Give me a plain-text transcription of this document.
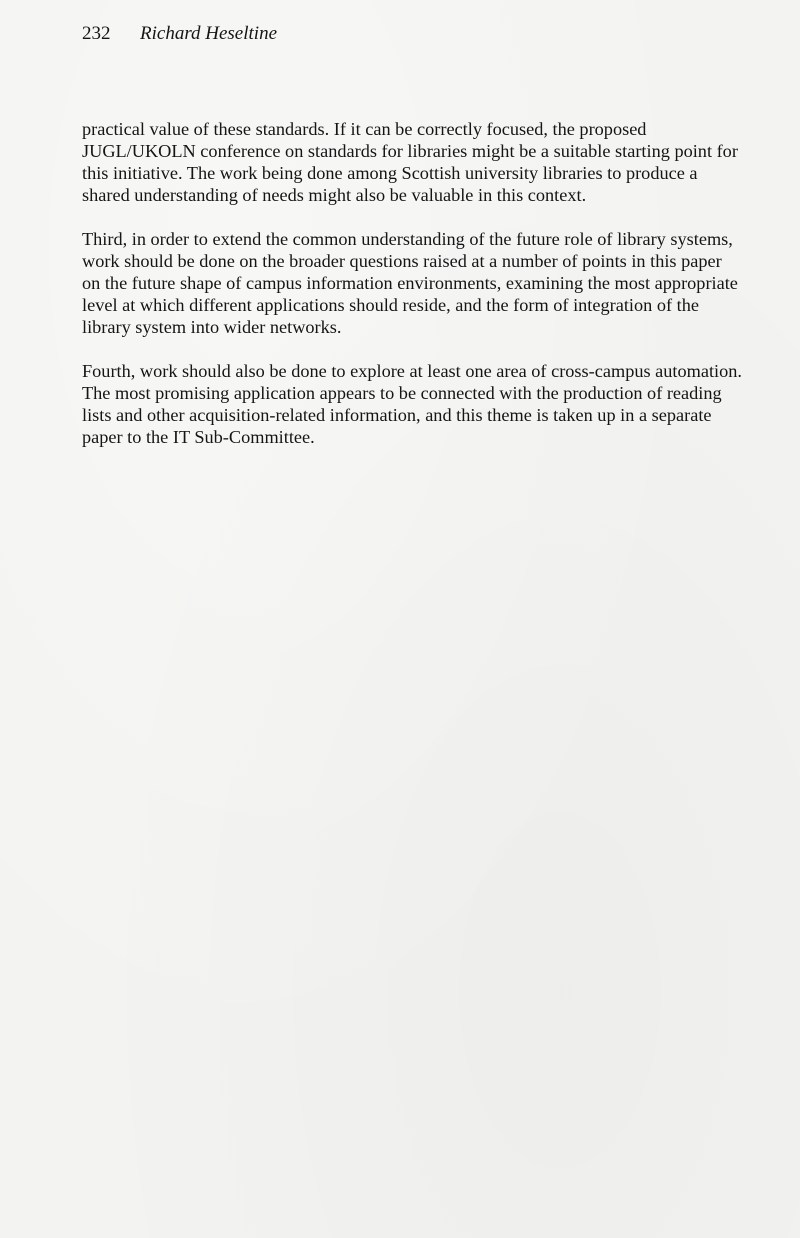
232 Richard Heseltine

practical value of these standards. If it can be correctly focused, the proposed JUGL/UKOLN conference on standards for libraries might be a suitable starting point for this initiative. The work being done among Scottish university libraries to produce a shared understanding of needs might also be valuable in this context.

Third, in order to extend the common understanding of the future role of library systems, work should be done on the broader questions raised at a number of points in this paper on the future shape of campus information environments, examining the most appropriate level at which different applications should reside, and the form of integration of the library system into wider networks.

Fourth, work should also be done to explore at least one area of cross-campus automation. The most promising application appears to be connected with the production of reading lists and other acquisition-related information, and this theme is taken up in a separate paper to the IT Sub-Committee.
